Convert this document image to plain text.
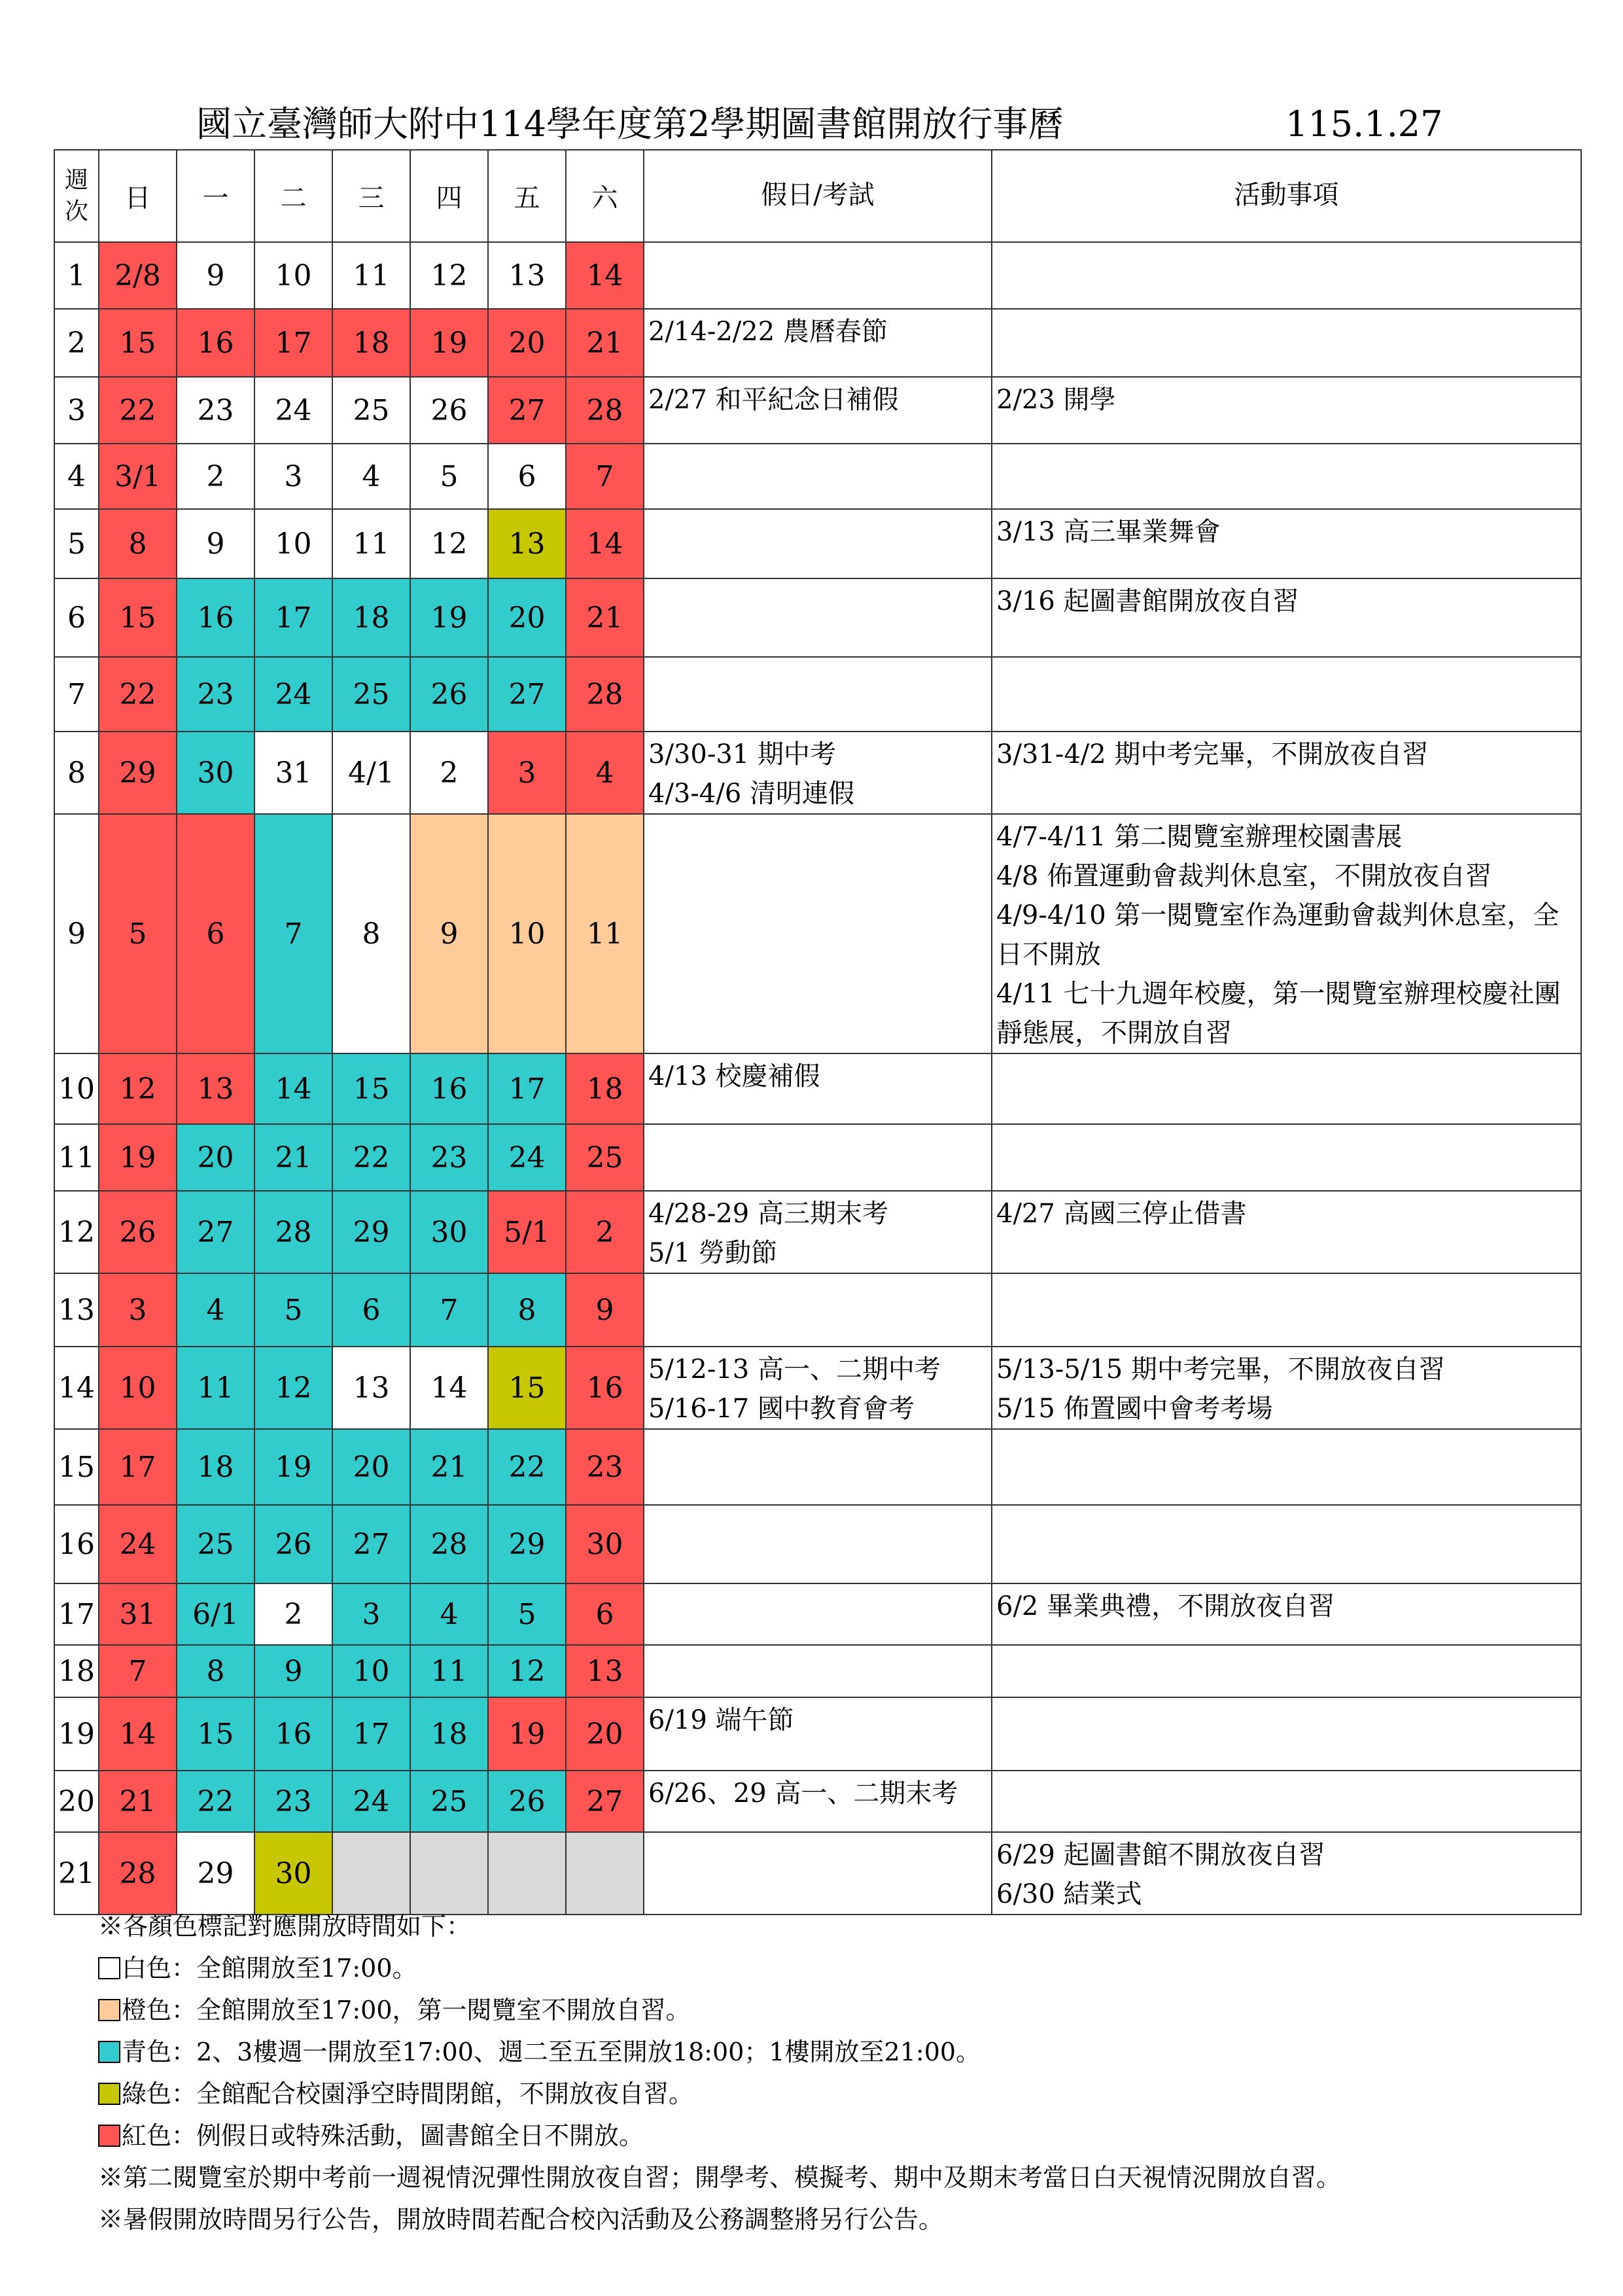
國立臺灣師大附中114學年度第2學期圖書館開放行事曆	115.1.27
週次	日	一	二	三	四	五	六	假日/考試	活動事項
1	2/8	9	10	11	12	13	14		
2	15	16	17	18	19	20	21	2/14-2/22 農曆春節	
3	22	23	24	25	26	27	28	2/27 和平紀念日補假	2/23 開學
4	3/1	2	3	4	5	6	7		
5	8	9	10	11	12	13	14		3/13 高三畢業舞會
6	15	16	17	18	19	20	21		3/16 起圖書館開放夜自習
7	22	23	24	25	26	27	28		
8	29	30	31	4/1	2	3	4	3/30-31 期中考
4/3-4/6 清明連假	3/31-4/2 期中考完畢，不開放夜自習
9	5	6	7	8	9	10	11		4/7-4/11 第二閱覽室辦理校園書展
4/8 佈置運動會裁判休息室，不開放夜自習
4/9-4/10 第一閱覽室作為運動會裁判休息室，全日不開放
4/11 七十九週年校慶，第一閱覽室辦理校慶社團靜態展，不開放自習
10	12	13	14	15	16	17	18	4/13 校慶補假	
11	19	20	21	22	23	24	25		
12	26	27	28	29	30	5/1	2	4/28-29 高三期末考
5/1 勞動節	4/27 高國三停止借書
13	3	4	5	6	7	8	9		
14	10	11	12	13	14	15	16	5/12-13 高一、二期中考
5/16-17 國中教育會考	5/13-5/15 期中考完畢，不開放夜自習
5/15 佈置國中會考考場
15	17	18	19	20	21	22	23		
16	24	25	26	27	28	29	30		
17	31	6/1	2	3	4	5	6		6/2 畢業典禮，不開放夜自習
18	7	8	9	10	11	12	13		
19	14	15	16	17	18	19	20	6/19 端午節	
20	21	22	23	24	25	26	27	6/26、29 高一、二期末考	
21	28	29	30						6/29 起圖書館不開放夜自習
6/30 結業式
※各顏色標記對應開放時間如下：
白色：全館開放至17:00。
橙色：全館開放至17:00，第一閱覽室不開放自習。
青色：2、3樓週一開放至17:00、週二至五至開放18:00；1樓開放至21:00。
綠色：全館配合校園淨空時間閉館，不開放夜自習。
紅色：例假日或特殊活動，圖書館全日不開放。
※第二閱覽室於期中考前一週視情況彈性開放夜自習；開學考、模擬考、期中及期末考當日白天視情況開放自習。
※暑假開放時間另行公告，開放時間若配合校內活動及公務調整將另行公告。
